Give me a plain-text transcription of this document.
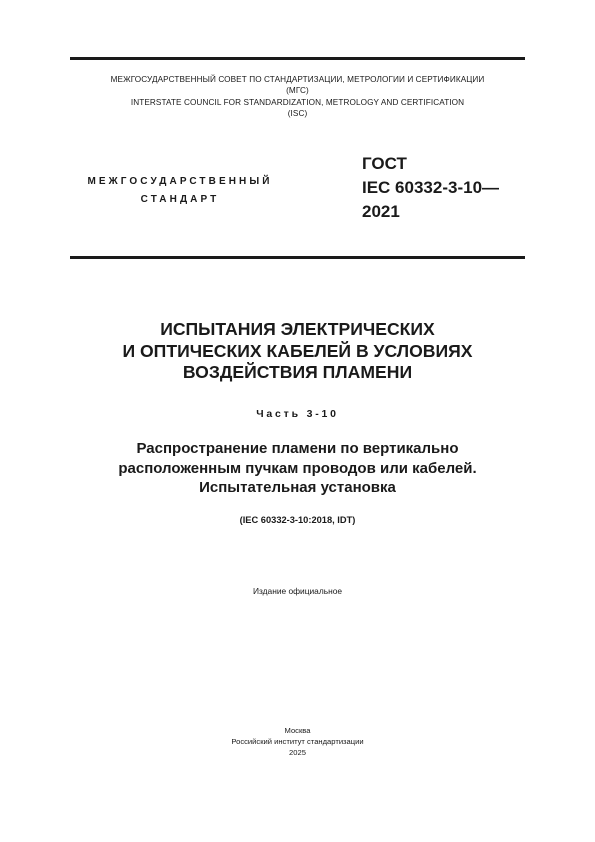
МЕЖГОСУДАРСТВЕННЫЙ СОВЕТ ПО СТАНДАРТИЗАЦИИ, МЕТРОЛОГИИ И СЕРТИФИКАЦИИ
(МГС)
INTERSTATE COUNCIL FOR STANDARDIZATION, METROLOGY AND CERTIFICATION
(ISC)
МЕЖГОСУДАРСТВЕННЫЙ
СТАНДАРТ
ГОСТ
IEC 60332-3-10—
2021
ИСПЫТАНИЯ ЭЛЕКТРИЧЕСКИХ
И ОПТИЧЕСКИХ КАБЕЛЕЙ В УСЛОВИЯХ
ВОЗДЕЙСТВИЯ ПЛАМЕНИ
Часть 3-10
Распространение пламени по вертикально
расположенным пучкам проводов или кабелей.
Испытательная установка
(IEC 60332-3-10:2018, IDT)
Издание официальное
Москва
Российский институт стандартизации
2025
